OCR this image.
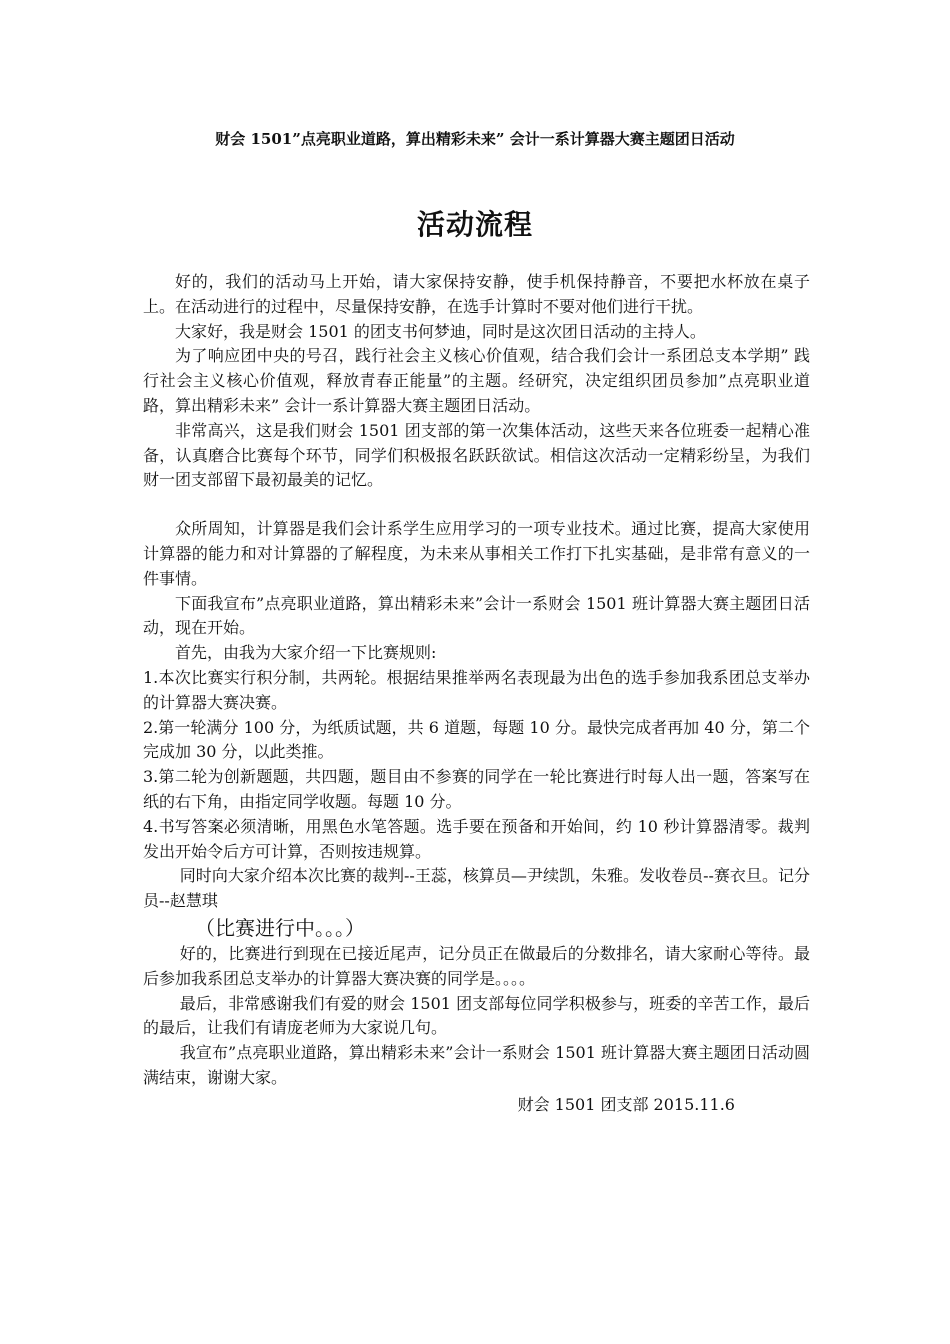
财会 1501”点亮职业道路，算出精彩未来” 会计一系计算器大赛主题团日活动
活动流程

好的，我们的活动马上开始，请大家保持安静，使手机保持静音，不要把水杯放在桌子上。在活动进行的过程中，尽量保持安静，在选手计算时不要对他们进行干扰。

大家好，我是财会 1501 的团支书何梦迪，同时是这次团日活动的主持人。

为了响应团中央的号召，践行社会主义核心价值观，结合我们会计一系团总支本学期” 践行社会主义核心价值观，释放青春正能量”的主题。经研究，决定组织团员参加”点亮职业道路，算出精彩未来” 会计一系计算器大赛主题团日活动。

非常高兴，这是我们财会 1501 团支部的第一次集体活动，这些天来各位班委一起精心准备，认真磨合比赛每个环节，同学们积极报名跃跃欲试。相信这次活动一定精彩纷呈，为我们财一团支部留下最初最美的记忆。

众所周知，计算器是我们会计系学生应用学习的一项专业技术。通过比赛，提高大家使用计算器的能力和对计算器的了解程度，为未来从事相关工作打下扎实基础，是非常有意义的一件事情。

下面我宣布”点亮职业道路，算出精彩未来”会计一系财会 1501 班计算器大赛主题团日活动，现在开始。

首先，由我为大家介绍一下比赛规则:

1.本次比赛实行积分制，共两轮。根据结果推举两名表现最为出色的选手参加我系团总支举办的计算器大赛决赛。

2.第一轮满分 100 分，为纸质试题，共 6 道题，每题 10 分。最快完成者再加 40 分，第二个完成加 30 分，以此类推。

3.第二轮为创新题题，共四题，题目由不参赛的同学在一轮比赛进行时每人出一题，答案写在纸的右下角，由指定同学收题。每题 10 分。

4.书写答案必须清晰，用黑色水笔答题。选手要在预备和开始间，约 10 秒计算器清零。裁判发出开始令后方可计算，否则按违规算。

同时向大家介绍本次比赛的裁判--王蕊，核算员—尹续凯，朱雅。发收卷员--赛衣旦。记分员--赵慧琪

（比赛进行中。。。）

好的，比赛进行到现在已接近尾声，记分员正在做最后的分数排名，请大家耐心等待。最后参加我系团总支举办的计算器大赛决赛的同学是。。。。

最后，非常感谢我们有爱的财会 1501 团支部每位同学积极参与，班委的辛苦工作，最后的最后，让我们有请庞老师为大家说几句。

我宣布”点亮职业道路，算出精彩未来”会计一系财会 1501 班计算器大赛主题团日活动圆满结束，谢谢大家。

财会 1501 团支部 2015.11.6
